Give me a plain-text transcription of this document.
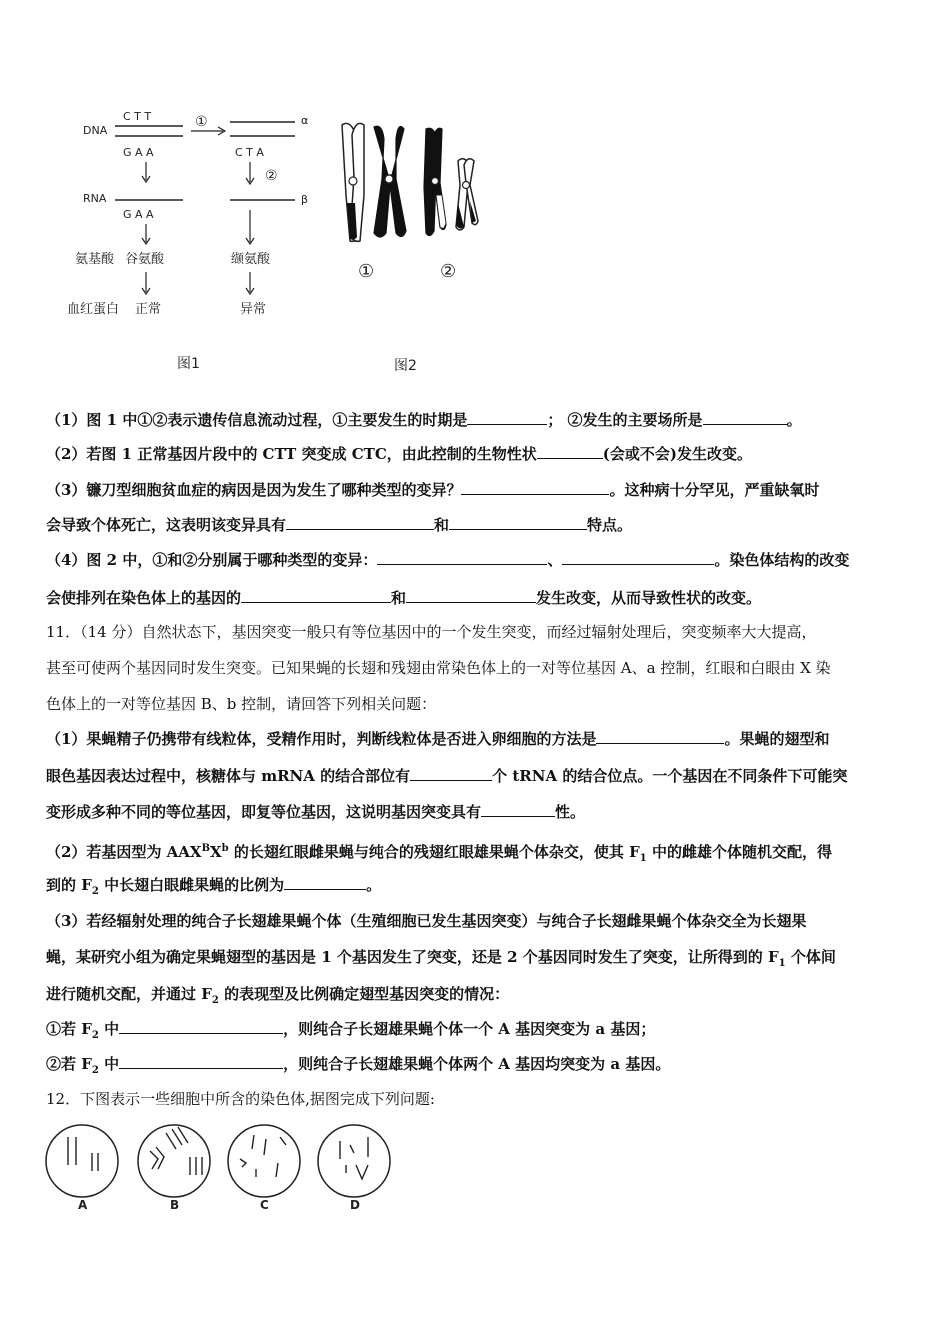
DNA
C T T
G A A
①	α
C T A
②
RNA
G A A
β
氨基酸 谷氨酸	缬氨酸
血红蛋白 正常	异常
图1
①	②
图2
（1）图 1 中①②表示遗传信息流动过程，①主要发生的时期是	； ②发生的主要场所是	。
（2）若图 1 正常基因片段中的 CTT 突变成 CTC，由此控制的生物性状	(会或不会)发生改变。
（3）镰刀型细胞贫血症的病因是因为发生了哪种类型的变异？	。这种病十分罕见，严重缺氧时
会导致个体死亡，这表明该变异具有	和	特点。
（4）图 2 中，①和②分别属于哪种类型的变异：	、	。染色体结构的改变
会使排列在染色体上的基因的	和	发生改变，从而导致性状的改变。
11．（14 分）自然状态下，基因突变一般只有等位基因中的一个发生突变，而经过辐射处理后，突变频率大大提高，
甚至可使两个基因同时发生突变。已知果蝇的长翅和残翅由常染色体上的一对等位基因 A、a 控制，红眼和白眼由 X 染
色体上的一对等位基因 B、b 控制，请回答下列相关问题：
（1）果蝇精子仍携带有线粒体，受精作用时，判断线粒体是否进入卵细胞的方法是	。果蝇的翅型和
眼色基因表达过程中，核糖体与 mRNA 的结合部位有	个 tRNA 的结合位点。一个基因在不同条件下可能突
变形成多种不同的等位基因，即复等位基因，这说明基因突变具有	性。
（2）若基因型为 $AAX^BX^b$ 的长翅红眼雌果蝇与纯合的残翅红眼雄果蝇个体杂交，使其 $F_1$ 中的雌雄个体随机交配，得
到的 $F_2$ 中长翅白眼雌果蝇的比例为	。
（3）若经辐射处理的纯合子长翅雄果蝇个体（生殖细胞已发生基因突变）与纯合子长翅雌果蝇个体杂交全为长翅果
蝇，某研究小组为确定果蝇翅型的基因是 1 个基因发生了突变，还是 2 个基因同时发生了突变，让所得到的 $F_1$ 个体间
进行随机交配，并通过 $F_2$ 的表现型及比例确定翅型基因突变的情况：
①若 $F_2$ 中	，则纯合子长翅雄果蝇个体一个 A 基因突变为 a 基因；
②若 $F_2$ 中	，则纯合子长翅雄果蝇个体两个 A 基因均突变为 a 基因。
12．下图表示一些细胞中所含的染色体,据图完成下列问题:
A	B	C	D
